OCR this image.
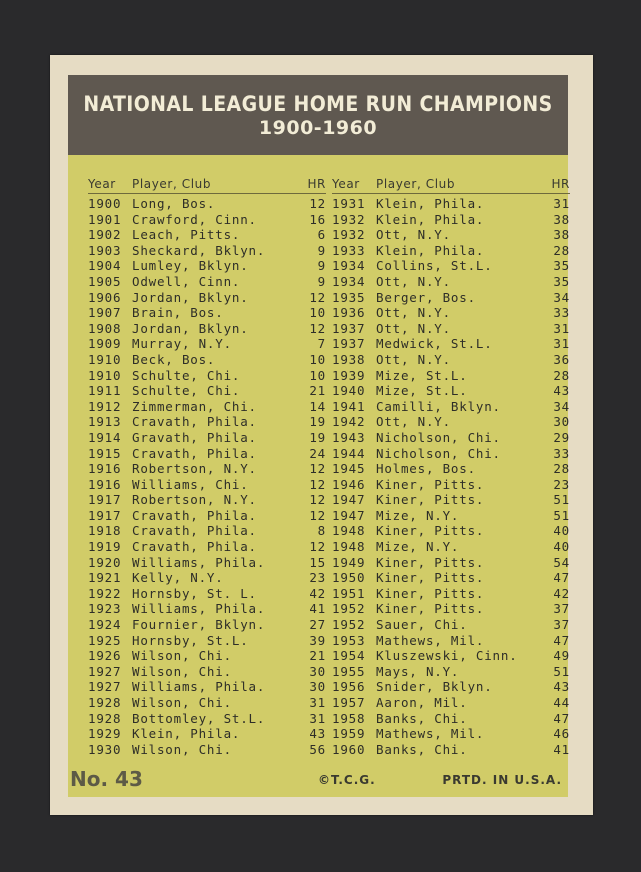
NATIONAL LEAGUE HOME RUN CHAMPIONS
1900-1960
Year Player, Club	HR
1900 Long, Bos.	12
1901 Crawford, Cinn.	16
1902 Leach, Pitts.	6
1903 Sheckard, Bklyn.	9
1904 Lumley, Bklyn.	9
1905 Odwell, Cinn.	9
1906 Jordan, Bklyn.	12
1907 Brain, Bos.	10
1908 Jordan, Bklyn.	12
1909 Murray, N.Y.	7
1910 Beck, Bos.	10
1910 Schulte, Chi.	10
1911 Schulte, Chi.	21
1912 Zimmerman, Chi.	14
1913 Cravath, Phila.	19
1914 Gravath, Phila.	19
1915 Cravath, Phila.	24
1916 Robertson, N.Y.	12
1916 Williams, Chi.	12
1917 Robertson, N.Y.	12
1917 Cravath, Phila.	12
1918 Cravath, Phila.	8
1919 Cravath, Phila.	12
1920 Williams, Phila.	15
1921 Kelly, N.Y.	23
1922 Hornsby, St. L.	42
1923 Williams, Phila.	41
1924 Fournier, Bklyn.	27
1925 Hornsby, St.L.	39
1926 Wilson, Chi.	21
1927 Wilson, Chi.	30
1927 Williams, Phila.	30
1928 Wilson, Chi.	31
1928 Bottomley, St.L.	31
1929 Klein, Phila.	43
1930 Wilson, Chi.	56
Year Player, Club	HR
1931 Klein, Phila.	31
1932 Klein, Phila.	38
1932 Ott, N.Y.	38
1933 Klein, Phila.	28
1934 Collins, St.L.	35
1934 Ott, N.Y.	35
1935 Berger, Bos.	34
1936 Ott, N.Y.	33
1937 Ott, N.Y.	31
1937 Medwick, St.L.	31
1938 Ott, N.Y.	36
1939 Mize, St.L.	28
1940 Mize, St.L.	43
1941 Camilli, Bklyn.	34
1942 Ott, N.Y.	30
1943 Nicholson, Chi.	29
1944 Nicholson, Chi.	33
1945 Holmes, Bos.	28
1946 Kiner, Pitts.	23
1947 Kiner, Pitts.	51
1947 Mize, N.Y.	51
1948 Kiner, Pitts.	40
1948 Mize, N.Y.	40
1949 Kiner, Pitts.	54
1950 Kiner, Pitts.	47
1951 Kiner, Pitts.	42
1952 Kiner, Pitts.	37
1952 Sauer, Chi.	37
1953 Mathews, Mil.	47
1954 Kluszewski, Cinn.	49
1955 Mays, N.Y.	51
1956 Snider, Bklyn.	43
1957 Aaron, Mil.	44
1958 Banks, Chi.	47
1959 Mathews, Mil.	46
1960 Banks, Chi.	41
No. 43	©T.C.G.	PRTD. IN U.S.A.
